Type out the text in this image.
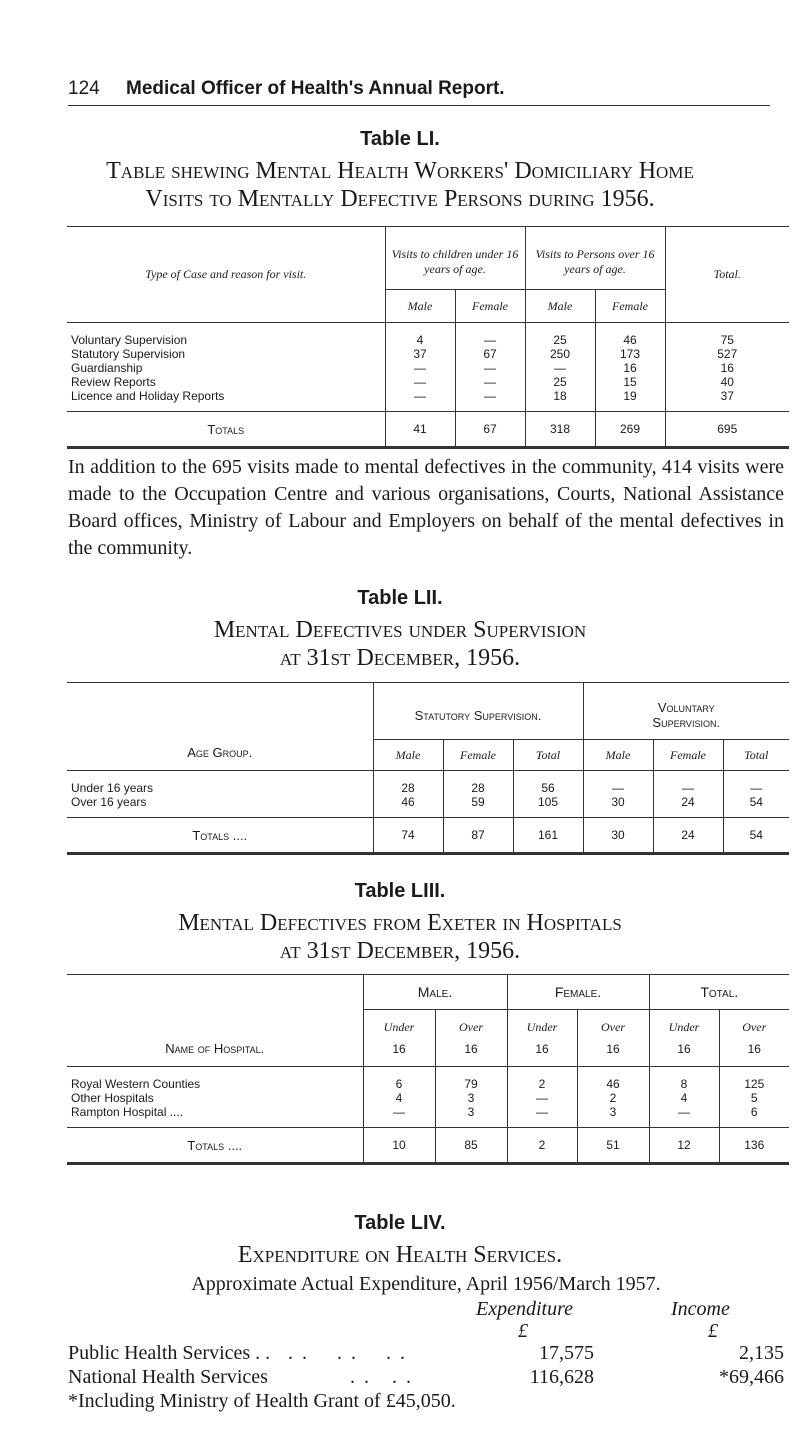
124 Medical Officer of Health's Annual Report.
Table LI.
Table shewing Mental Health Workers' Domiciliary Home
Visits to Mentally Defective Persons during 1956.
Type of Case and reason for visit.	Visits to children under 16 years of age.		Visits to Persons over 16 years of age.		Total.
	Male	Female	Male	Female	
Voluntary Supervision	4	—	25	46	75
Statutory Supervision	37	67	250	173	527
Guardianship	—	—	—	16	16
Review Reports	—	—	25	15	40
Licence and Holiday Reports	—	—	18	19	37
Totals	41	67	318	269	695
In addition to the 695 visits made to mental defectives in the community, 414 visits were made to the Occupation Centre and various organisations, Courts, National Assistance Board offices, Ministry of Labour and Employers on behalf of the mental defectives in the community.
Table LII.
Mental Defectives under Supervision
at 31st December, 1956.
Age Group.	Statutory Supervision.			Voluntary Supervision.		
	Male	Female	Total	Male	Female	Total
Under 16 years	28	28	56	—	—	—
Over 16 years	46	59	105	30	24	54
Totals ....	74	87	161	30	24	54
Table LIII.
Mental Defectives from Exeter in Hospitals
at 31st December, 1956.
Name of Hospital.	Male.		Female.		Total.	
	Under	Over	Under	Over	Under	Over
	16	16	16	16	16	16
Royal Western Counties	6	79	2	46	8	125
Other Hospitals	4	3	—	2	4	5
Rampton Hospital ....	—	3	—	3	—	6
Totals ....	10	85	2	51	12	136
Table LIV.
Expenditure on Health Services.
Approximate Actual Expenditure, April 1956/March 1957.
Expenditure	Income
£	£
Public Health Services . . . .    . .    . .	17,575	2,135
National Health Services	. .   . .	116,628	*69,466
*Including Ministry of Health Grant of £45,050.
